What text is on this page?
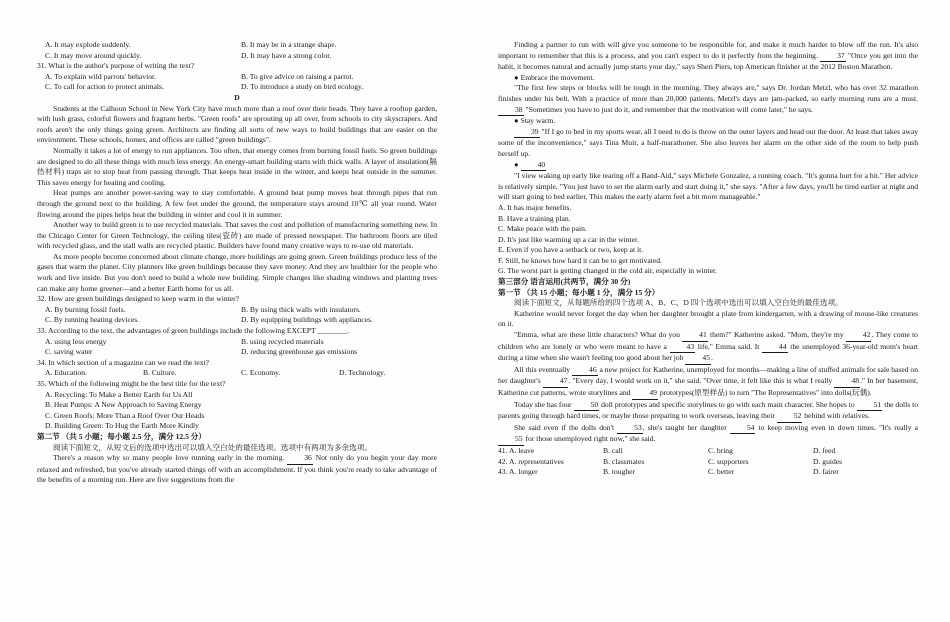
A. It may explode suddenly.	B. It may be in a strange shape.
C. It may move around quickly.	D. It may have a strong color.

31. What is the author's purpose of writing the text?

A. To explain wild parrots' behavior.	B. To give advice on raising a parrot.
C. To call for action to protect animals.	D. To introduce a study on bird ecology.

D

Students at the Calhoun School in New York City have much more than a roof over their heads. They have a rooftop garden, with lush grass, colorful flowers and fragrant herbs. "Green roofs" are sprouting up all over, from schools to city skyscrapers. And roofs aren't the only things going green. Architects are finding all sorts of new ways to build buildings that are easier on the environment. These schools, homes, and offices are called "green buildings".

Normally it takes a lot of energy to run appliances. Too often, that energy comes from burning fossil fuels. So green buildings are designed to do all these things with much less energy. An energy-smart building starts with thick walls. A layer of insulation(隔热材料) traps air to stop heat from passing through. That keeps heat inside in the winter, and keeps heat outside in the summer. This saves energy for heating and cooling.

Heat pumps are another power-saving way to stay comfortable. A ground heat pump moves heat through pipes that run through the ground next to the building. A few feet under the ground, the temperature stays around 10℃ all year round. Water flowing around the pipes helps heat the building in winter and cool it in summer.

Another way to build green is to use recycled materials. That saves the cost and pollution of manufacturing something new. In the Chicago Center for Green Technology, the ceiling tiles(瓷砖) are made of pressed newspaper. The bathroom floors are tiled with recycled glass, and the stall walls are recycled plastic. Builders have found many creative ways to re-use old materials.

As more people become concerned about climate change, more buildings are going green. Green buildings produce less of the gases that warm the planet. City planners like green buildings because they save money. And they are healthier for the people who work and live inside. But you don't need to build a whole new building. Simple changes like shading windows and planting trees can make any home greener—and a better Earth home for us all.

32. How are green buildings designed to keep warm in the winter?

A. By burning fossil fuels.	B. By using thick walls with insulators.
C. By running heating devices.	D. By equipping buildings with appliances.

33. According to the text, the advantages of green buildings include the following EXCEPT ________.

A. using less energy	B. using recycled materials
C. saving water	D. reducing greenhouse gas emissions

34. In which section of a magazine can we read the text?

A. Education.	B. Culture.	C. Economy.	D. Technology.

35. Which of the following might be the best title for the text?

A. Recycling: To Make a Better Earth for Us All

B. Heat Pumps: A New Approach to Saving Energy

C. Green Roofs: More Than a Roof Over Our Heads

D. Building Green: To Hug the Earth More Kindly

第二节 （共 5 小题；每小题 2.5 分，满分 12.5 分）

阅读下面短文，从短文后的选项中选出可以填入空白处的最佳选项。选项中有两项为多余选项。

There's a reason why so many people love running early in the morning.	36 Not only do you begin your day more relaxed and refreshed, but you've already started things off with an accomplishment. If you think you're ready to take advantage of the benefits of a morning run. Here are five suggestions from the

Finding a partner to run with will give you someone to be responsible for, and make it much harder to blow off the run. It's also important to remember that this is a process, and you can't expect to do it perfectly from the beginning.	37 "Once you get into the habit, it becomes natural and actually jump starts your day," says Sheri Piers, top American finisher at the 2012 Boston Marathon.

● Embrace the movement.

"The first few steps or blocks will be tough in the morning. They always are," says Dr. Jordan Metzl, who has over 32 marathon finishes under his belt. With a practice of more than 20,000 patients, Metzl's days are jam-packed, so early morning runs are a must. 38 "Sometimes you have to just do it, and remember that the motivation will come later," he says.

● Stay warm.

39 "If I go to bed in my sports wear, all I need to do is throw on the outer layers and head out the door. At least that takes away some of the inconvenience," says Tina Muir, a half-marathoner. She also leaves her alarm on the other side of the room to help push herself up.

● 40

"I view waking up early like tearing off a Band-Aid," says Michele Gonzalez, a running coach. "It's gonna hurt for a bit." Her advice is relatively simple, "You just have to set the alarm early and start doing it," she says. "After a few days, you'll be tired earlier at night and will start going to bed earlier. This makes the early alarm feel a bit more manageable."

A. It has major benefits.

B. Have a training plan.

C. Make peace with the pain.

D. It's just like warming up a car in the winter.

E. Even if you have a setback or two, keep at it.

F. Still, he knows how hard it can be to get motivated.

G. The worst part is getting changed in the cold air, especially in winter.

第三部分 语言运用(共两节，满分 30 分)

第一节 （共 15 小题；每小题 1 分，满分 15 分）

阅读下面短文，从每题所给的四个选项 A、B、C、D 四个选项中选出可以填入空白处的最佳选项。

Katherine would never forget the day when her daughter brought a plate from kindergarten, with a drawing of mouse-like creatures on it.

"Emma, what are these little characters? What do you	41 them?" Katherine asked. "Mom, they're my	42. They come to children who are lonely or who were meant to have a	43 life," Emma said. It	44 the unemployed 36-year-old mom's heart during a time when she wasn't feeling too good about her job 45.

All this eventually 46 a new project for Katherine, unemployed for months—making a line of stuffed animals for sale based on her daughter's	47. "Every day, I would work on it," she said. "Over time, it felt like this is what I really	48." In her basement, Katherine cut patterns, wrote storylines and 49 prototypes(原型样品) to turn "The Representatives" into dolls(玩偶).

Today she has four 50 doll prototypes and specific storylines to go with each main character. She hopes to 51 the dolls to parents going through hard times, or maybe those preparing to work overseas, leaving their 52 behind with relatives.

She said even if the dolls don't	53, she's taught her daughter	54 to keep moving even in down times. "It's really a 55 for those unemployed right now," she said.

41. A. leave	B. call	C. bring	D. feed
42. A. representatives	B. classmates	C. supporters	D. guides
43. A. longer	B. tougher	C. better	D. fairer
